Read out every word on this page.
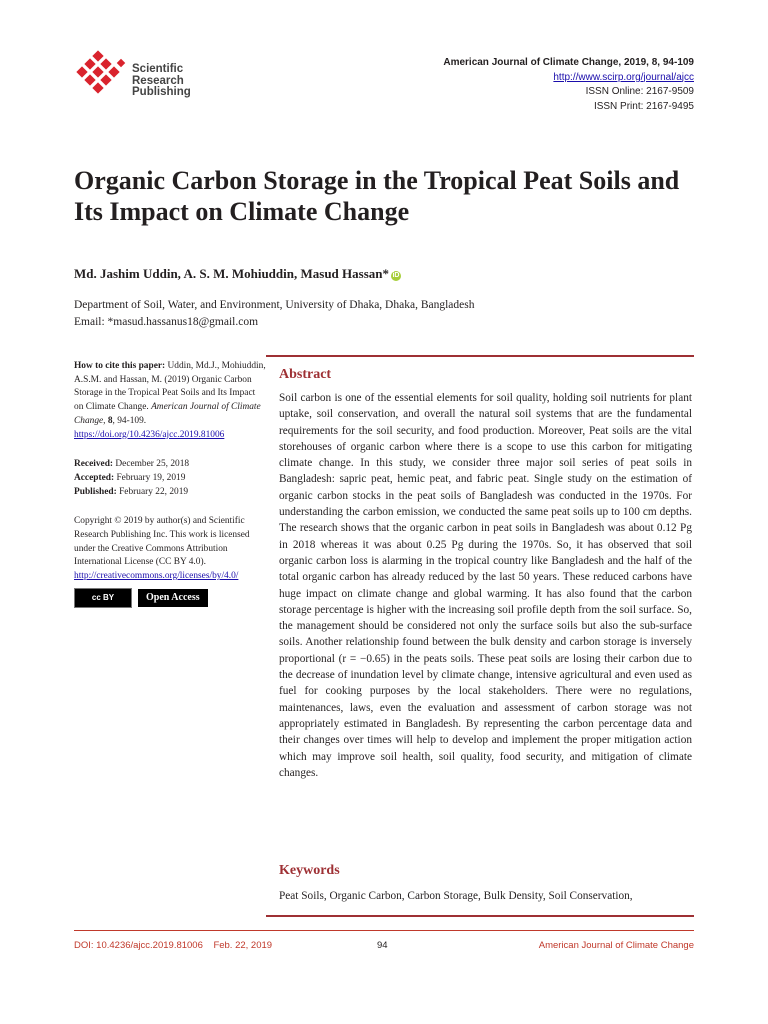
Scientific
Research
Publishing
American Journal of Climate Change, 2019, 8, 94-109
http://www.scirp.org/journal/ajcc
ISSN Online: 2167-9509
ISSN Print: 2167-9495
Organic Carbon Storage in the Tropical Peat Soils and Its Impact on Climate Change
Md. Jashim Uddin, A. S. M. Mohiuddin, Masud Hassan* iD
Department of Soil, Water, and Environment, University of Dhaka, Dhaka, Bangladesh
Email: *masud.hassanus18@gmail.com

How to cite this paper: Uddin, Md.J., Mohiuddin, A.S.M. and Hassan, M. (2019) Organic Carbon Storage in the Tropical Peat Soils and Its Impact on Climate Change. American Journal of Climate Change, 8, 94-109.

https://doi.org/10.4236/ajcc.2019.81006

Received: December 25, 2018

Accepted: February 19, 2019

Published: February 22, 2019

Copyright © 2019 by author(s) and Scientific Research Publishing Inc. This work is licensed under the Creative Commons Attribution International License (CC BY 4.0).

http://creativecommons.org/licenses/by/4.0/

cc BY	Open Access
Abstract

Soil carbon is one of the essential elements for soil quality, holding soil nutrients for plant uptake, soil conservation, and overall the natural soil systems that are the fundamental requirements for the soil security, and food production. Moreover, Peat soils are the vital storehouses of organic carbon where there is a scope to use this carbon for mitigating climate change. In this study, we consider three major soil series of peat soils in Bangladesh: sapric peat, hemic peat, and fabric peat. Single study on the estimation of organic carbon stocks in the peat soils of Bangladesh was conducted in the 1970s. For understanding the carbon emission, we conducted the same peat soils up to 100 cm depths. The research shows that the organic carbon in peat soils in Bangladesh was about 0.12 Pg in 2018 whereas it was about 0.25 Pg during the 1970s. So, it has observed that soil organic carbon loss is alarming in the tropical country like Bangladesh and the half of the total organic carbon has already reduced by the last 50 years. These reduced carbons have huge impact on climate change and global warming. It has also found that the carbon storage percentage is higher with the increasing soil profile depth from the soil surface. So, the management should be considered not only the surface soils but also the sub-surface soils. Another relationship found between the bulk density and carbon storage is inversely proportional (r = −0.65) in the peats soils. These peat soils are losing their carbon due to the decrease of inundation level by climate change, intensive agricultural and even used as fuel for cooking purposes by the local stakeholders. There were no regulations, maintenances, laws, even the evaluation and assessment of carbon storage was not appropriately estimated in Bangladesh. By representing the carbon percentage data and their changes over times will help to develop and implement the proper mitigation action which may improve soil health, soil quality, food security, and mitigation of climate changes.

Keywords
Peat Soils, Organic Carbon, Carbon Storage, Bulk Density, Soil Conservation,
DOI: 10.4236/ajcc.2019.81006 Feb. 22, 2019	94	American Journal of Climate Change
